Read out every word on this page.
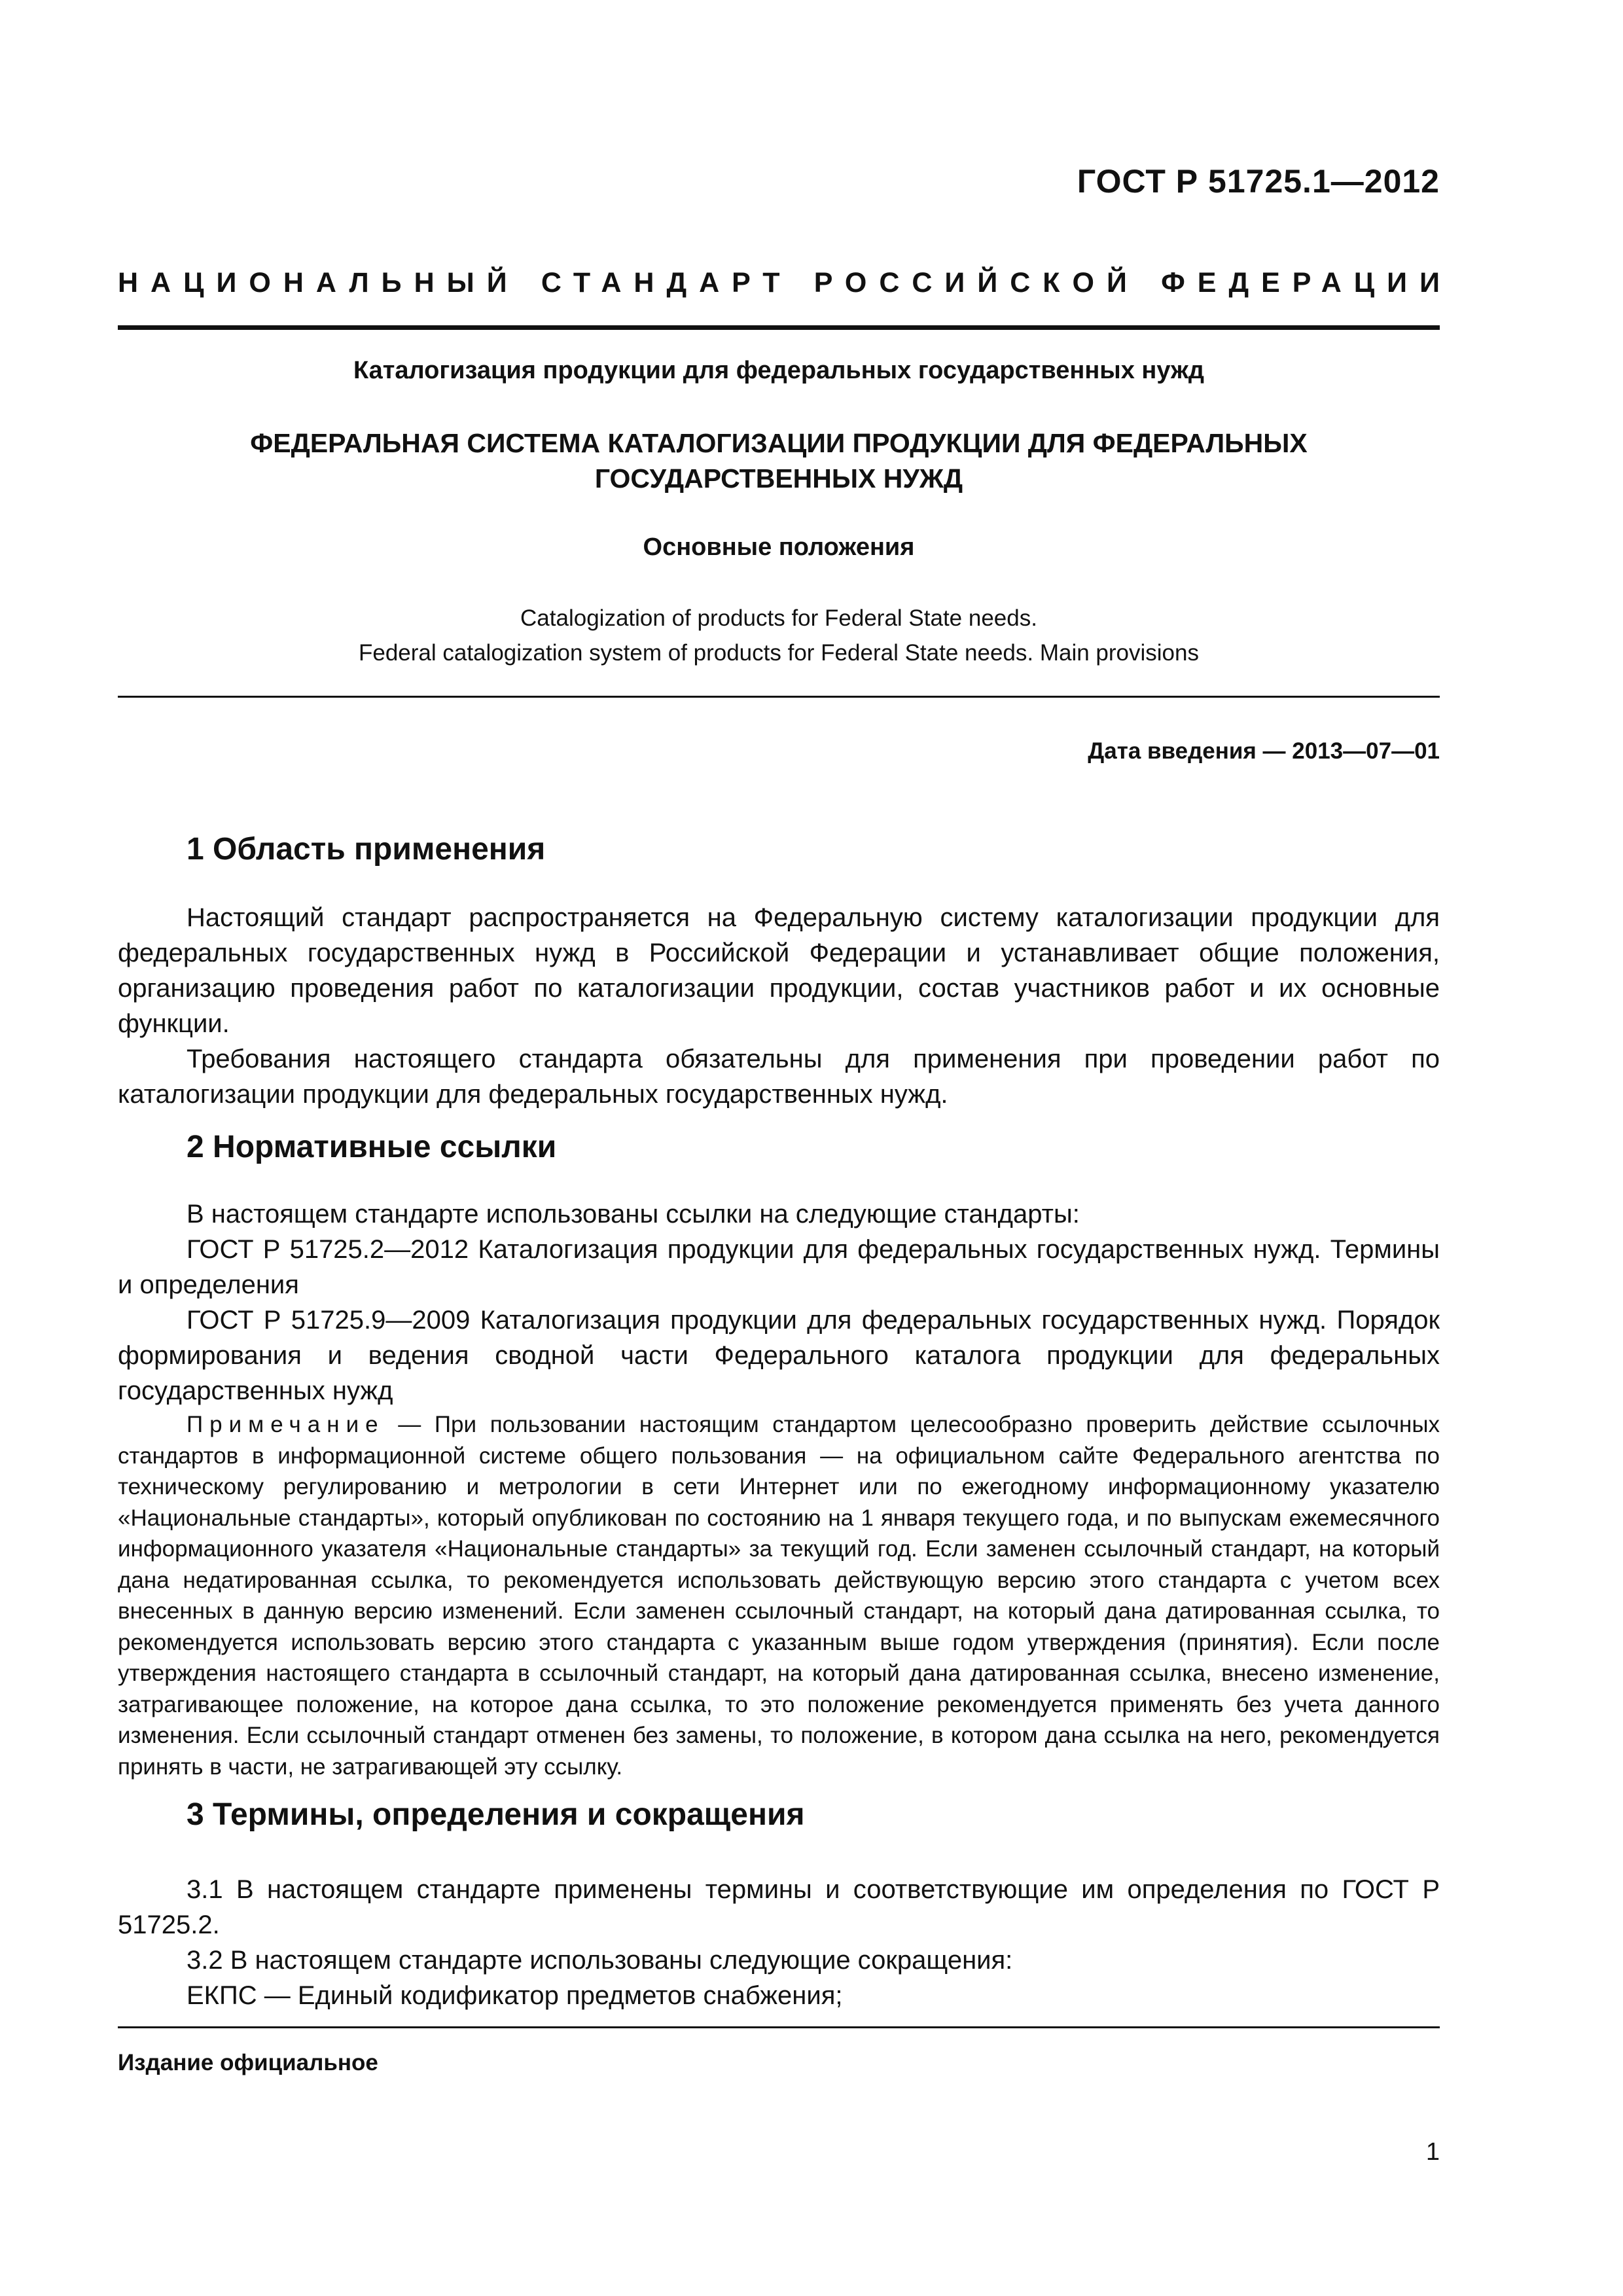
ГОСТ Р 51725.1—2012
НАЦИОНАЛЬНЫЙ СТАНДАРТ РОССИЙСКОЙ ФЕДЕРАЦИИ
Каталогизация продукции для федеральных государственных нужд
ФЕДЕРАЛЬНАЯ СИСТЕМА КАТАЛОГИЗАЦИИ ПРОДУКЦИИ ДЛЯ ФЕДЕРАЛЬНЫХ
ГОСУДАРСТВЕННЫХ НУЖД
Основные положения
Catalogization of products for Federal State needs.
Federal catalogization system of products for Federal State needs. Main provisions
Дата введения — 2013—07—01
1 Область применения

Настоящий стандарт распространяется на Федеральную систему каталогизации продукции для федеральных государственных нужд в Российской Федерации и устанавливает общие положения, организацию проведения работ по каталогизации продукции, состав участников работ и их основные функции.

Требования настоящего стандарта обязательны для применения при проведении работ по каталогизации продукции для федеральных государственных нужд.

2 Нормативные ссылки

В настоящем стандарте использованы ссылки на следующие стандарты:

ГОСТ Р 51725.2—2012 Каталогизация продукции для федеральных государственных нужд. Термины и определения

ГОСТ Р 51725.9—2009 Каталогизация продукции для федеральных государственных нужд. Порядок формирования и ведения сводной части Федерального каталога продукции для федеральных государственных нужд

Примечание — При пользовании настоящим стандартом целесообразно проверить действие ссылочных стандартов в информационной системе общего пользования — на официальном сайте Федерального агентства по техническому регулированию и метрологии в сети Интернет или по ежегодному информационному указателю «Национальные стандарты», который опубликован по состоянию на 1 января текущего года, и по выпускам ежемесячного информационного указателя «Национальные стандарты» за текущий год. Если заменен ссылочный стандарт, на который дана недатированная ссылка, то рекомендуется использовать действующую версию этого стандарта с учетом всех внесенных в данную версию изменений. Если заменен ссылочный стандарт, на который дана датированная ссылка, то рекомендуется использовать версию этого стандарта с указанным выше годом утверждения (принятия). Если после утверждения настоящего стандарта в ссылочный стандарт, на который дана датированная ссылка, внесено изменение, затрагивающее положение, на которое дана ссылка, то это положение рекомендуется применять без учета данного изменения. Если ссылочный стандарт отменен без замены, то положение, в котором дана ссылка на него, рекомендуется принять в части, не затрагивающей эту ссылку.

3 Термины, определения и сокращения

3.1 В настоящем стандарте применены термины и соответствующие им определения по ГОСТ Р 51725.2.

3.2 В настоящем стандарте использованы следующие сокращения:

ЕКПС — Единый кодификатор предметов снабжения;

Издание официальное
1
